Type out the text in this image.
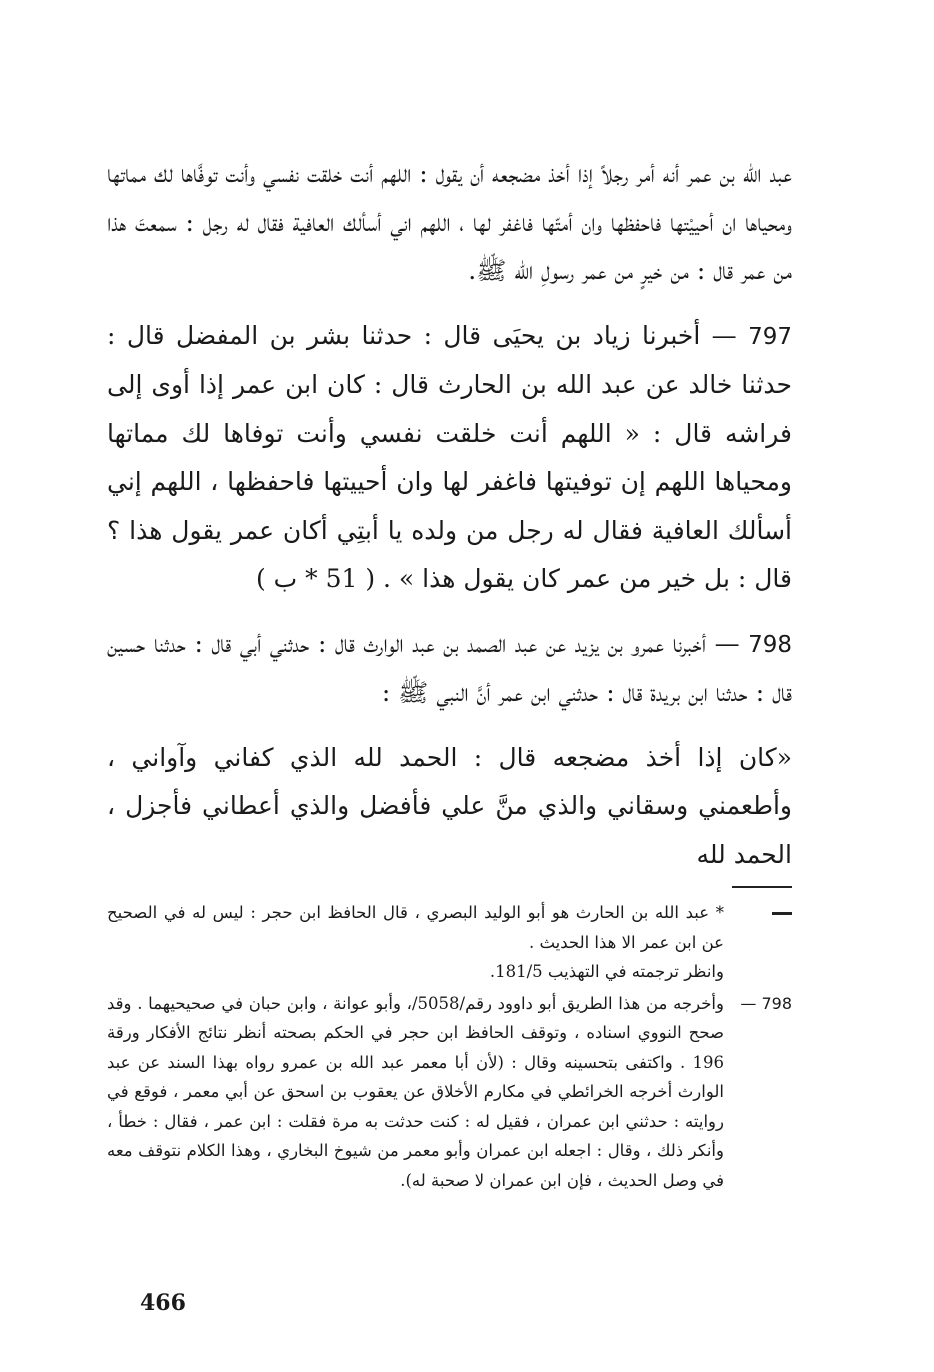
عبد الله بن عمر أنه أمر رجلاً إذا أخذ مضجعه أن يقول : اللهم أنت خلقت نفسي وأنت توفَّاها لك مماتها ومحياها ان أحييْتها فاحفظها وان أمتّها فاغفر لها ، اللهم اني أسألك العافية فقال له رجل : سمعتَ هذا من عمر قال : من خيرٍ من عمر رسولِ الله ﷺ.

797 — أخبرنا زياد بن يحيَى قال : حدثنا بشر بن المفضل قال : حدثنا خالد عن عبد الله بن الحارث قال : كان ابن عمر إذا أوى إلى فراشه قال : « اللهم أنت خلقت نفسي وأنت توفاها لك مماتها ومحياها اللهم إن توفيتها فاغفر لها وان أحييتها فاحفظها ، اللهم إني أسألك العافية فقال له رجل من ولده يا أبتِي أكان عمر يقول هذا ؟ قال : بل خير من عمر كان يقول هذا » . ( 51 * ب )

798 — أخبرنا عمرو بن يزيد عن عبد الصمد بن عبد الوارث قال : حدثني أبي قال : حدثنا حسين قال : حدثنا ابن بريدة قال : حدثني ابن عمر أنَّ النبي ﷺ :

«كان إذا أخذ مضجعه قال : الحمد لله الذي كفاني وآواني ، وأطعمني وسقاني والذي منَّ علي فأفضل والذي أعطاني فأجزل ، الحمد لله

* عبد الله بن الحارث هو أبو الوليد البصري ، قال الحافظ ابن حجر : ليس له في الصحيح عن ابن عمر الا هذا الحديث .
وانظر ترجمته في التهذيب 181/5.
798 —
وأخرجه من هذا الطريق أبو داوود رقم/5058/، وأبو عوانة ، وابن حبان في صحيحيهما . وقد صحح النووي اسناده ، وتوقف الحافظ ابن حجر في الحكم بصحته أنظر نتائج الأفكار ورقة 196 . واكتفى بتحسينه وقال : (لأن أبا معمر عبد الله بن عمرو رواه بهذا السند عن عبد الوارث أخرجه الخرائطي في مكارم الأخلاق عن يعقوب بن اسحق عن أبي معمر ، فوقع في روايته : حدثني ابن عمران ، فقيل له : كنت حدثت به مرة فقلت : ابن عمر ، فقال : خطأ ، وأنكر ذلك ، وقال : اجعله ابن عمران وأبو معمر من شيوخ البخاري ، وهذا الكلام نتوقف معه في وصل الحديث ، فإن ابن عمران لا صحبة له).
466
